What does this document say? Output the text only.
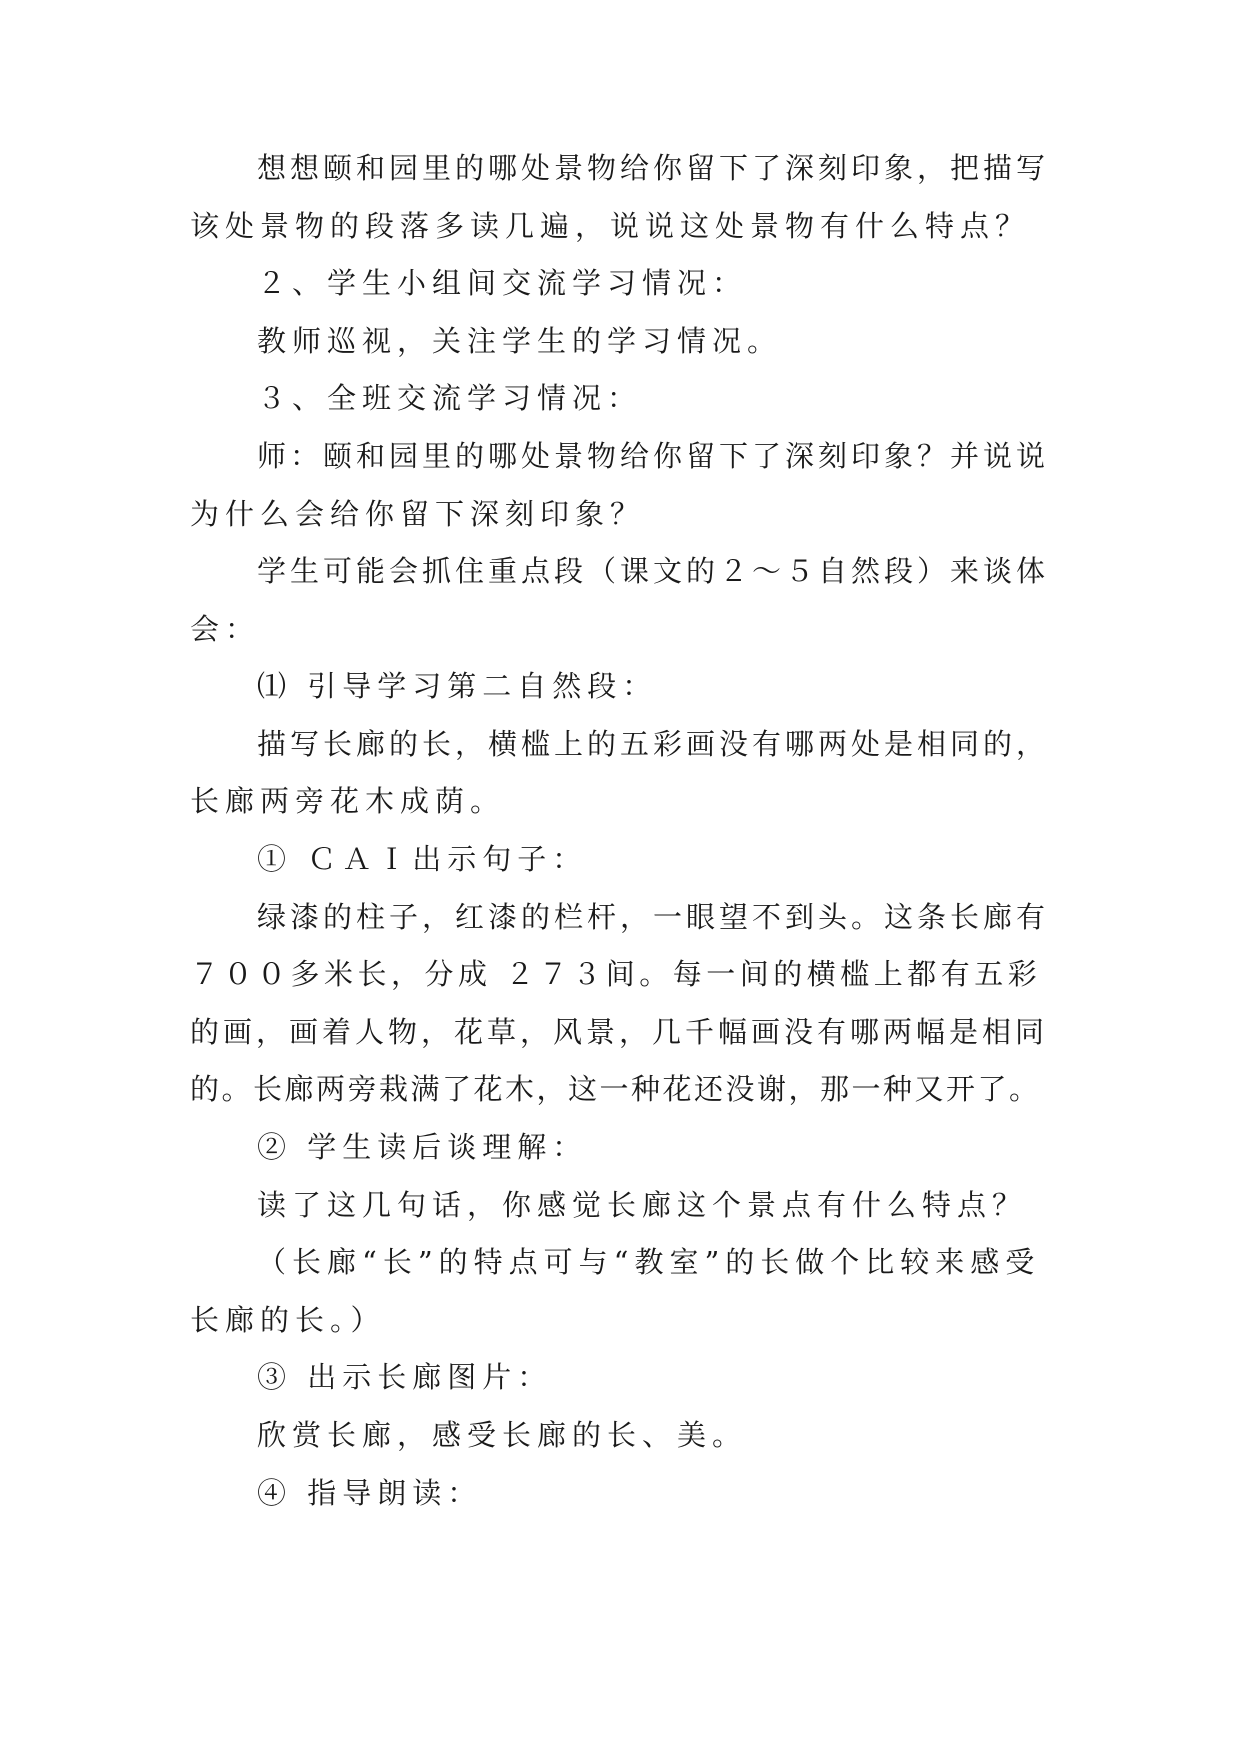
想想颐和园里的哪处景物给你留下了深刻印象，把描写
该处景物的段落多读几遍，说说这处景物有什么特点？
２、学生小组间交流学习情况：
教师巡视，关注学生的学习情况。
３、全班交流学习情况：
师：颐和园里的哪处景物给你留下了深刻印象？并说说
为什么会给你留下深刻印象？
学生可能会抓住重点段（课文的２～５自然段）来谈体
会：
⑴ 引导学习第二自然段：
描写长廊的长，横槛上的五彩画没有哪两处是相同的，
长廊两旁花木成荫。
① ＣＡＩ出示句子：
绿漆的柱子，红漆的栏杆，一眼望不到头。这条长廊有
７００多米长，分成 ２７３间。每一间的横槛上都有五彩
的画，画着人物，花草，风景，几千幅画没有哪两幅是相同
的。长廊两旁栽满了花木，这一种花还没谢，那一种又开了。
② 学生读后谈理解：
读了这几句话，你感觉长廊这个景点有什么特点？
（长廊“长”的特点可与“教室”的长做个比较来感受
长廊的长。）
③ 出示长廊图片：
欣赏长廊，感受长廊的长、美。
④ 指导朗读：
